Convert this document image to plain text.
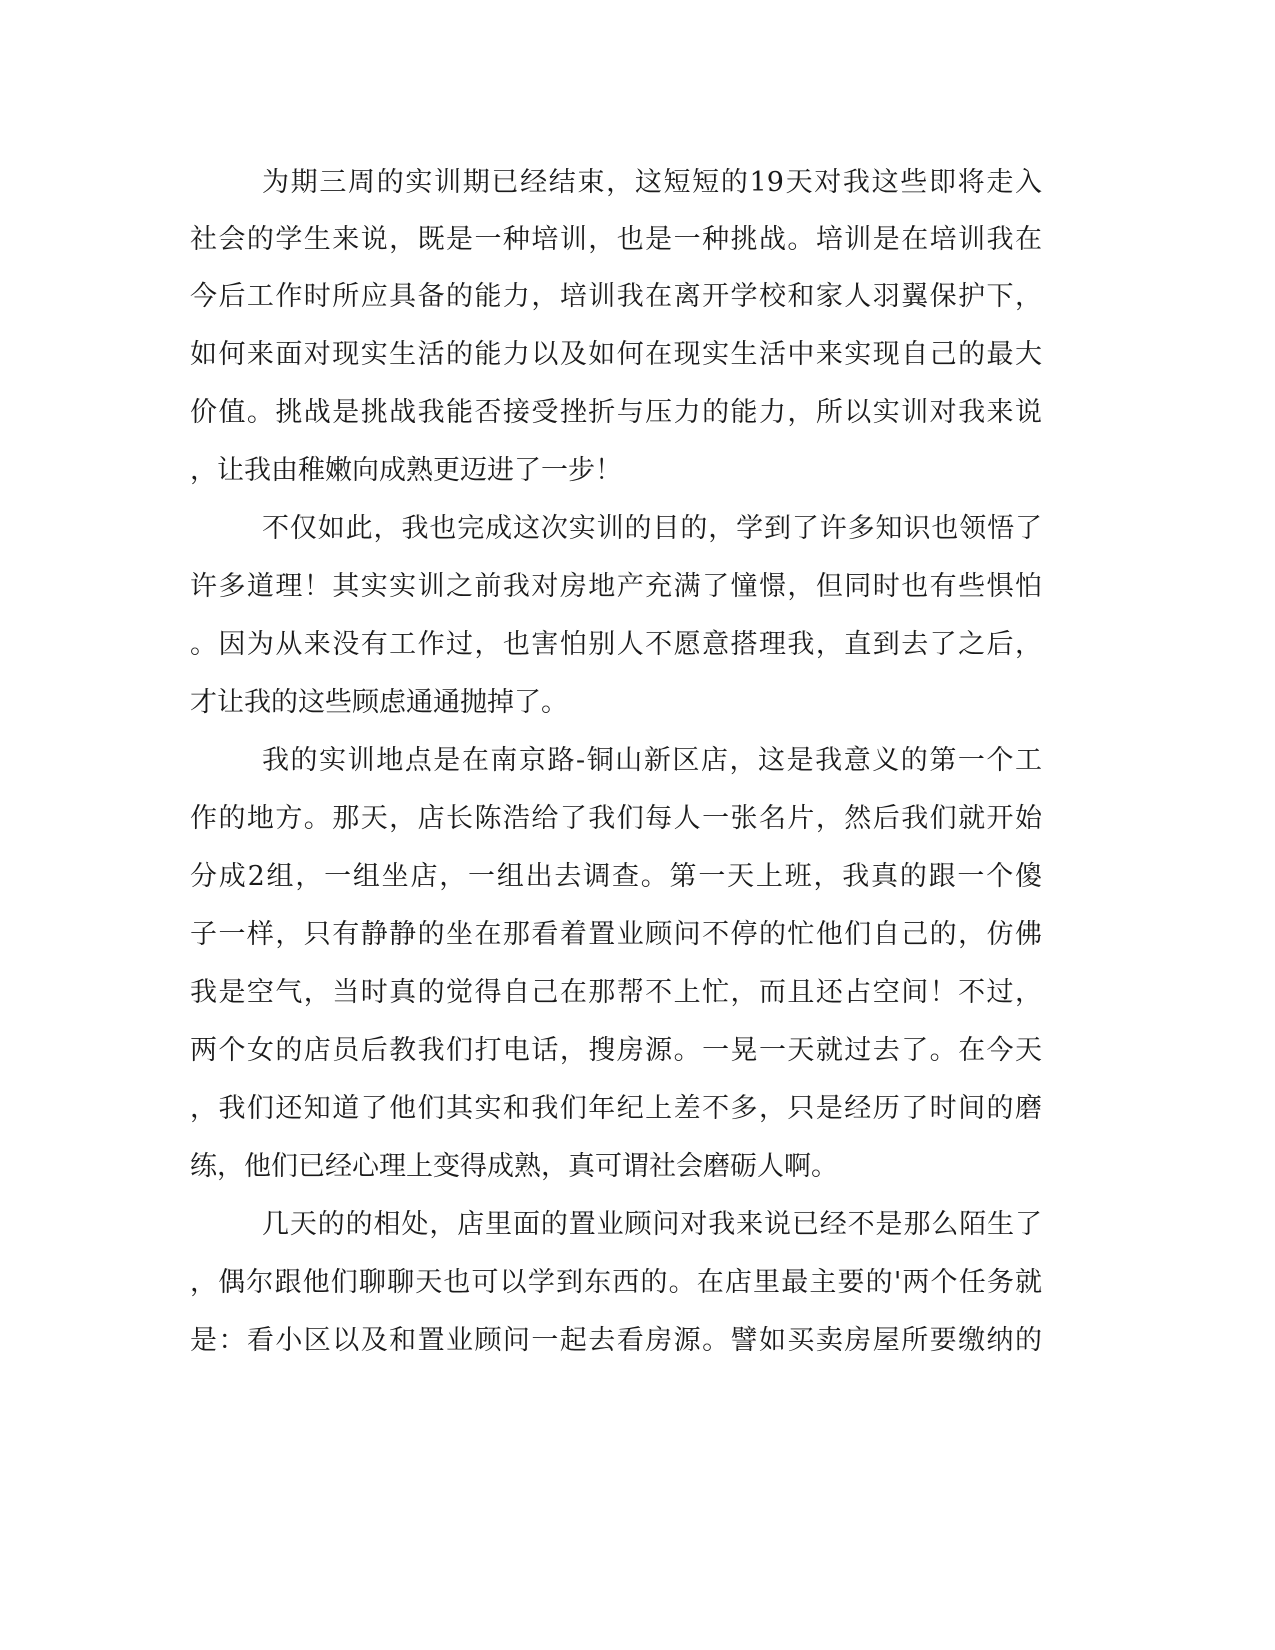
为期三周的实训期已经结束，这短短的19天对我这些即将走入
社会的学生来说，既是一种培训，也是一种挑战。培训是在培训我在
今后工作时所应具备的能力，培训我在离开学校和家人羽翼保护下，
如何来面对现实生活的能力以及如何在现实生活中来实现自己的最大
价值。挑战是挑战我能否接受挫折与压力的能力，所以实训对我来说
，让我由稚嫩向成熟更迈进了一步！
不仅如此，我也完成这次实训的目的，学到了许多知识也领悟了
许多道理！其实实训之前我对房地产充满了憧憬，但同时也有些惧怕
。因为从来没有工作过，也害怕别人不愿意搭理我，直到去了之后，
才让我的这些顾虑通通抛掉了。
我的实训地点是在南京路-铜山新区店，这是我意义的第一个工
作的地方。那天，店长陈浩给了我们每人一张名片，然后我们就开始
分成2组，一组坐店，一组出去调查。第一天上班，我真的跟一个傻
子一样，只有静静的坐在那看着置业顾问不停的忙他们自己的，仿佛
我是空气，当时真的觉得自己在那帮不上忙，而且还占空间！不过，
两个女的店员后教我们打电话，搜房源。一晃一天就过去了。在今天
，我们还知道了他们其实和我们年纪上差不多，只是经历了时间的磨
练，他们已经心理上变得成熟，真可谓社会磨砺人啊。
几天的的相处，店里面的置业顾问对我来说已经不是那么陌生了
，偶尔跟他们聊聊天也可以学到东西的。在店里最主要的'两个任务就
是：看小区以及和置业顾问一起去看房源。譬如买卖房屋所要缴纳的
